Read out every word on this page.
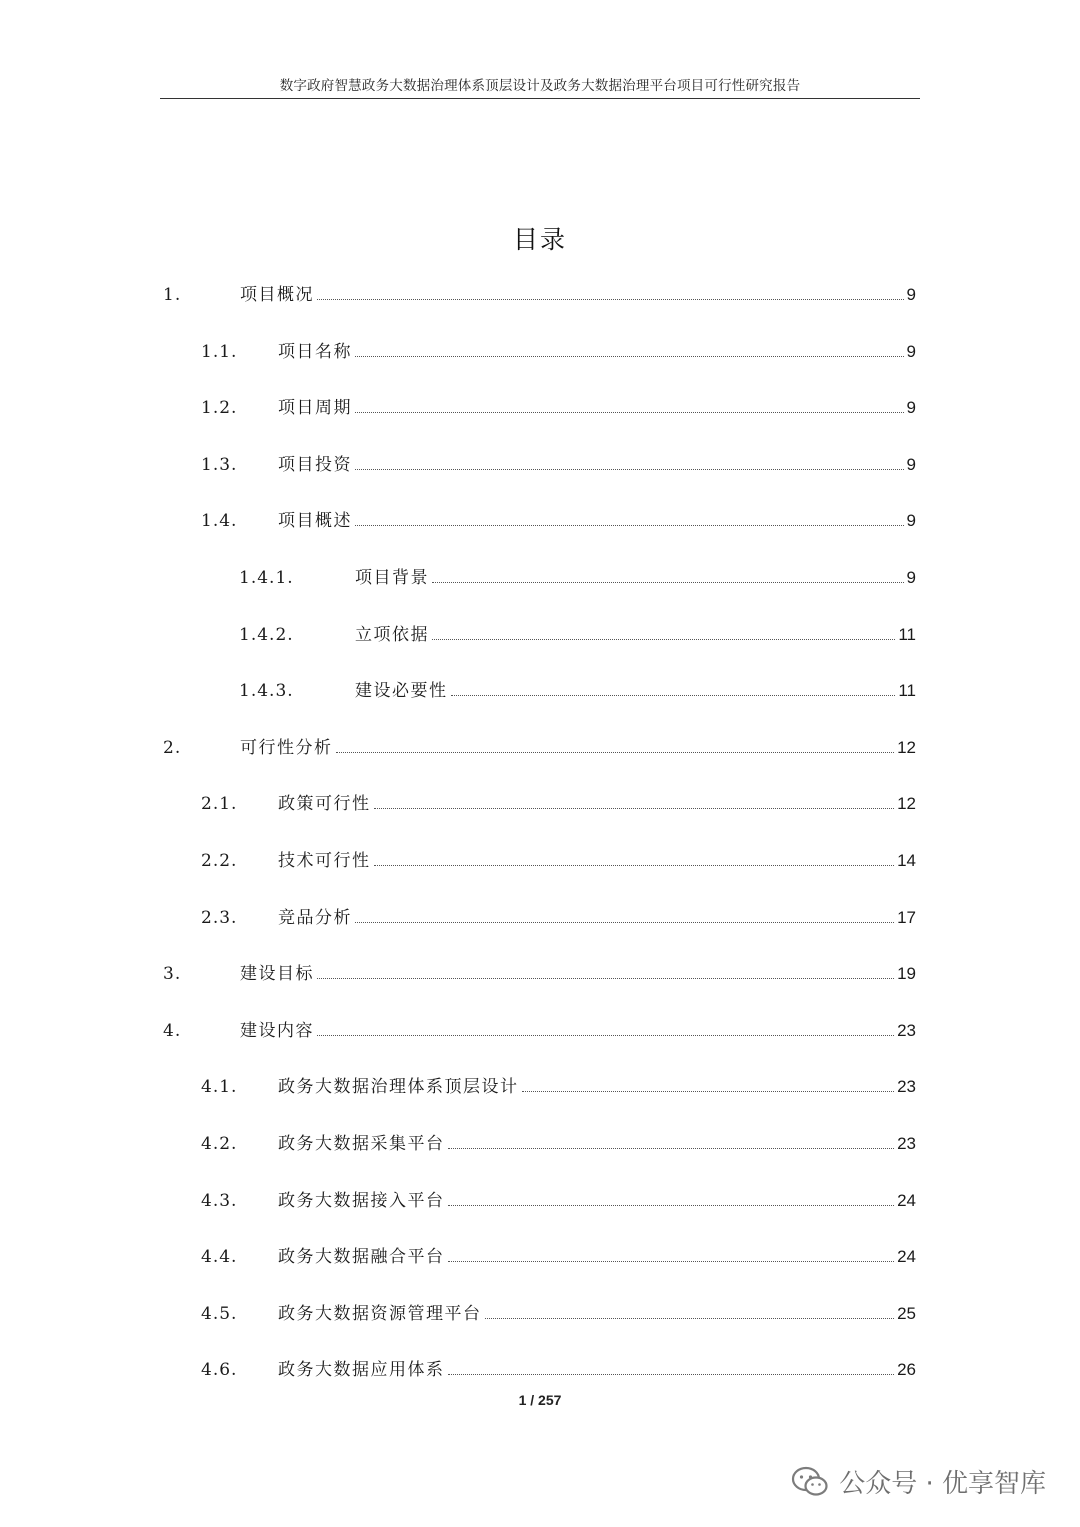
数字政府智慧政务大数据治理体系顶层设计及政务大数据治理平台项目可行性研究报告
目录
1.	项目概况	9
1.1.	项日名称	9
1.2.	项日周期	9
1.3.	项目投资	9
1.4.	项目概述	9
1.4.1.	项目背景	9
1.4.2.	立项依据	11
1.4.3.	建设必要性	11
2.	可行性分析	12
2.1.	政策可行性	12
2.2.	技术可行性	14
2.3.	竞品分析	17
3.	建设目标	19
4.	建设内容	23
4.1.	政务大数据治理体系顶层设计	23
4.2.	政务大数据采集平台	23
4.3.	政务大数据接入平台	24
4.4.	政务大数据融合平台	24
4.5.	政务大数据资源管理平台	25
4.6.	政务大数据应用体系	26
1 / 257
公众号 · 优享智库
